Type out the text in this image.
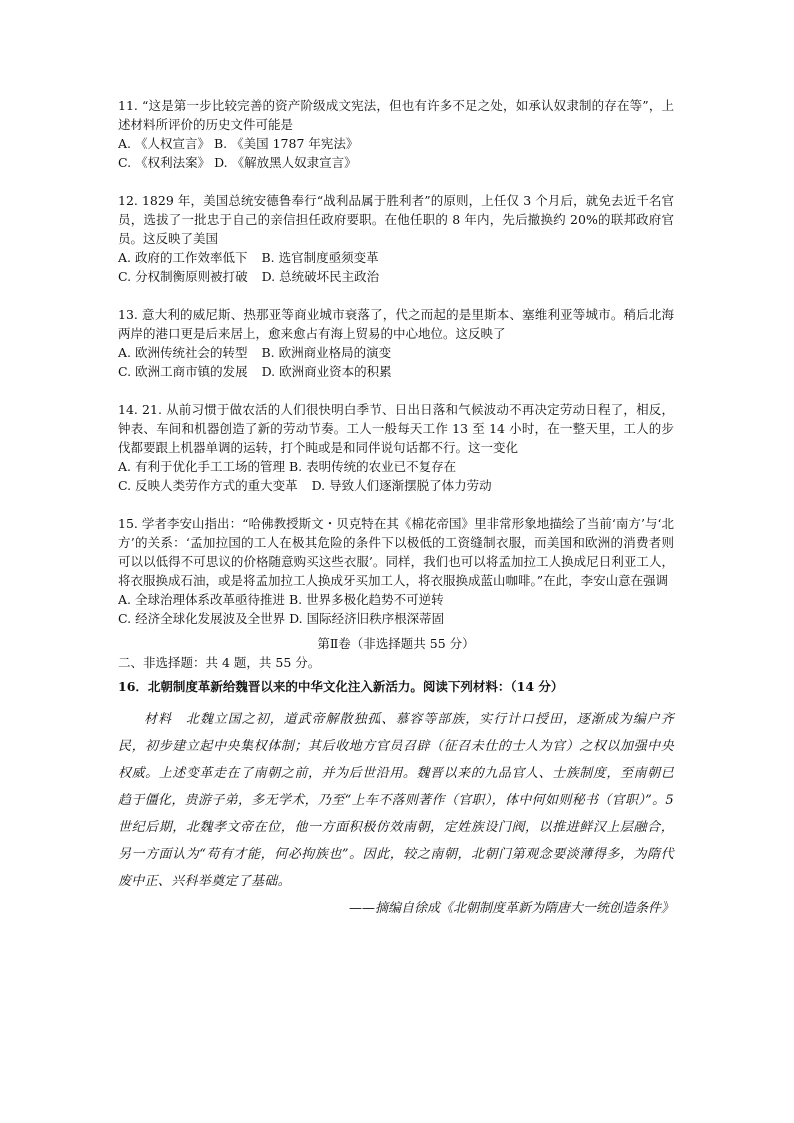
11. “这是第一步比较完善的资产阶级成文宪法，但也有许多不足之处，如承认奴隶制的存在等”，上述材料所评价的历史文件可能是

A. 《人权宣言》 B. 《美国 1787 年宪法》
C. 《权利法案》 D. 《解放黑人奴隶宣言》

12. 1829 年，美国总统安德鲁奉行“战利品属于胜利者”的原则，上任仅 3 个月后，就免去近千名官员，选拔了一批忠于自己的亲信担任政府要职。在他任职的 8 年内，先后撤换约 20%的联邦政府官员。这反映了美国

A. 政府的工作效率低下 B. 选官制度亟须变革
C. 分权制衡原则被打破 D. 总统破坏民主政治

13. 意大利的威尼斯、热那亚等商业城市衰落了，代之而起的是里斯本、塞维利亚等城市。稍后北海两岸的港口更是后来居上，愈来愈占有海上贸易的中心地位。这反映了

A. 欧洲传统社会的转型 B. 欧洲商业格局的演变
C. 欧洲工商市镇的发展 D. 欧洲商业资本的积累

14. 21. 从前习惯于做农活的人们很快明白季节、日出日落和气候波动不再决定劳动日程了，相反，钟表、车间和机器创造了新的劳动节奏。工人一般每天工作 13 至 14 小时，在一整天里，工人的步伐都要跟上机器单调的运转，打个盹或是和同伴说句话都不行。这一变化

A. 有利于优化手工工场的管理 B. 表明传统的农业已不复存在
C. 反映人类劳作方式的重大变革 D. 导致人们逐渐摆脱了体力劳动

15. 学者李安山指出：“哈佛教授斯文・贝克特在其《棉花帝国》里非常形象地描绘了当前‘南方’与‘北方’的关系：‘孟加拉国的工人在极其危险的条件下以极低的工资缝制衣服，而美国和欧洲的消费者则可以以低得不可思议的价格随意购买这些衣服’。同样，我们也可以将孟加拉工人换成尼日利亚工人，将衣服换成石油，或是将孟加拉工人换成牙买加工人，将衣服换成蓝山咖啡。”在此，李安山意在强调

A. 全球治理体系改革亟待推进 B. 世界多极化趋势不可逆转
C. 经济全球化发展波及全世界 D. 国际经济旧秩序根深蒂固

第Ⅱ卷（非选择题共 55 分）

二、非选择题：共 4 题，共 55 分。

16．北朝制度革新给魏晋以来的中华文化注入新活力。阅读下列材料：（14 分）

材料　北魏立国之初，道武帝解散独孤、慕容等部族，实行计口授田，逐渐成为编户齐民，初步建立起中央集权体制；其后收地方官员召辟（征召未仕的士人为官）之权以加强中央权威。上述变革走在了南朝之前，并为后世沿用。魏晋以来的九品官人、士族制度，至南朝已趋于僵化，贵游子弟，多无学术，乃至“上车不落则著作（官职），体中何如则秘书（官职）”。5 世纪后期，北魏孝文帝在位，他一方面积极仿效南朝，定姓族设门阀，以推进鲜汉上层融合，另一方面认为“苟有才能，何必拘族也”。因此，较之南朝，北朝门第观念要淡薄得多，为隋代废中正、兴科举奠定了基础。

——摘编自徐成《北朝制度革新为隋唐大一统创造条件》
